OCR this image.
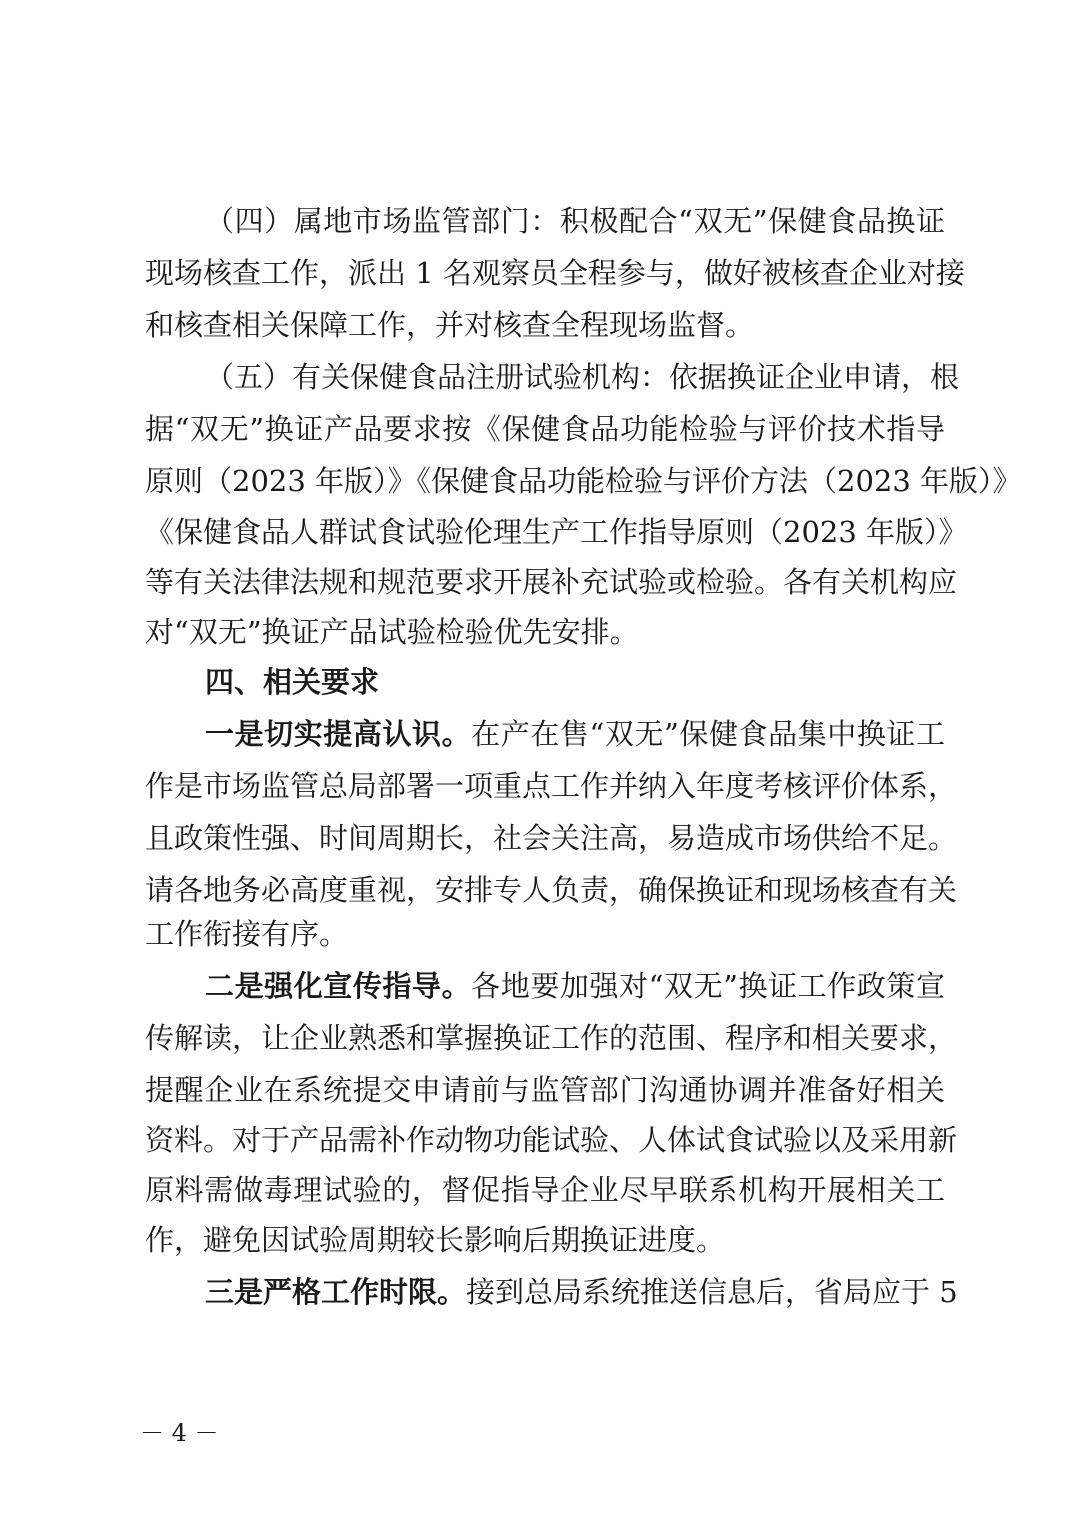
（四）属地市场监管部门：积极配合“双无”保健食品换证
现场核查工作，派出 1 名观察员全程参与，做好被核查企业对接
和核查相关保障工作，并对核查全程现场监督。
（五）有关保健食品注册试验机构：依据换证企业申请，根
据“双无”换证产品要求按《保健食品功能检验与评价技术指导
原则（2023 年版）》《保健食品功能检验与评价方法（2023 年版）》
《保健食品人群试食试验伦理生产工作指导原则（2023 年版）》
等有关法律法规和规范要求开展补充试验或检验。各有关机构应
对“双无”换证产品试验检验优先安排。
四、相关要求
一是切实提高认识。在产在售“双无”保健食品集中换证工
作是市场监管总局部署一项重点工作并纳入年度考核评价体系，
且政策性强、时间周期长，社会关注高，易造成市场供给不足。
请各地务必高度重视，安排专人负责，确保换证和现场核查有关
工作衔接有序。
二是强化宣传指导。各地要加强对“双无”换证工作政策宣
传解读，让企业熟悉和掌握换证工作的范围、程序和相关要求，
提醒企业在系统提交申请前与监管部门沟通协调并准备好相关
资料。对于产品需补作动物功能试验、人体试食试验以及采用新
原料需做毒理试验的，督促指导企业尽早联系机构开展相关工
作，避免因试验周期较长影响后期换证进度。
三是严格工作时限。接到总局系统推送信息后，省局应于 5
－ 4 －
